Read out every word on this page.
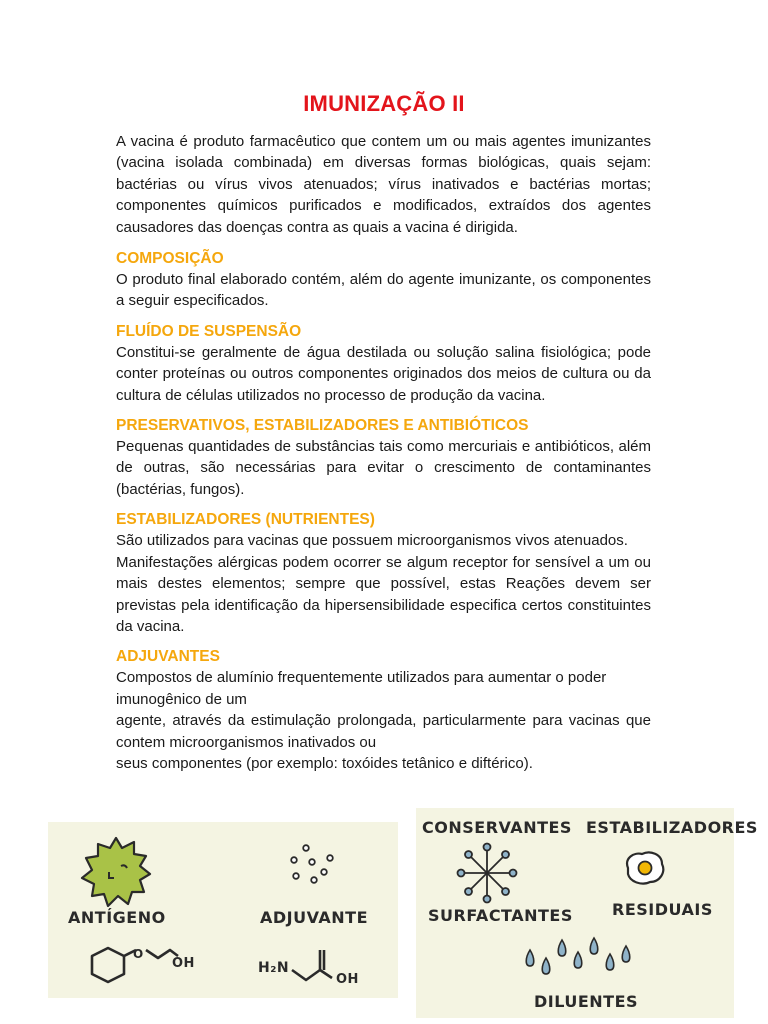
IMUNIZAÇÃO II

A vacina é produto farmacêutico que contem um ou mais agentes imunizantes (vacina isolada combinada) em diversas formas biológicas, quais sejam: bactérias ou vírus vivos atenuados; vírus inativados e bactérias mortas; componentes químicos purificados e modificados, extraídos dos agentes causadores das doenças contra as quais a vacina é dirigida.

COMPOSIÇÃO

O produto final elaborado contém, além do agente imunizante, os componentes a seguir especificados.

FLUÍDO DE SUSPENSÃO

Constitui-se geralmente de água destilada ou solução salina fisiológica; pode conter proteínas ou outros componentes originados dos meios de cultura ou da cultura de células utilizados no processo de produção da vacina.

PRESERVATIVOS, ESTABILIZADORES E ANTIBIÓTICOS

Pequenas quantidades de substâncias tais como mercuriais e antibióticos, além de outras, são necessárias para evitar o crescimento de contaminantes (bactérias, fungos).

ESTABILIZADORES (NUTRIENTES)

São utilizados para vacinas que possuem microorganismos vivos atenuados.

Manifestações alérgicas podem ocorrer se algum receptor for sensível a um ou mais destes elementos; sempre que possível, estas Reações devem ser previstas pela identificação da hipersensibilidade especifica certos constituintes da vacina.

ADJUVANTES

Compostos de alumínio frequentemente utilizados para aumentar o poder imunogênico de um

agente, através da estimulação prolongada, particularmente para vacinas que contem microorganismos inativados ou

seus componentes (por exemplo: toxóides tetânico e diftérico).

ANTÍGENO	ADJUVANTE
O
OH	H₂N
OH
CONSERVANTES ESTABILIZADORES
SURFACTANTES RESIDUAIS
DILUENTES
